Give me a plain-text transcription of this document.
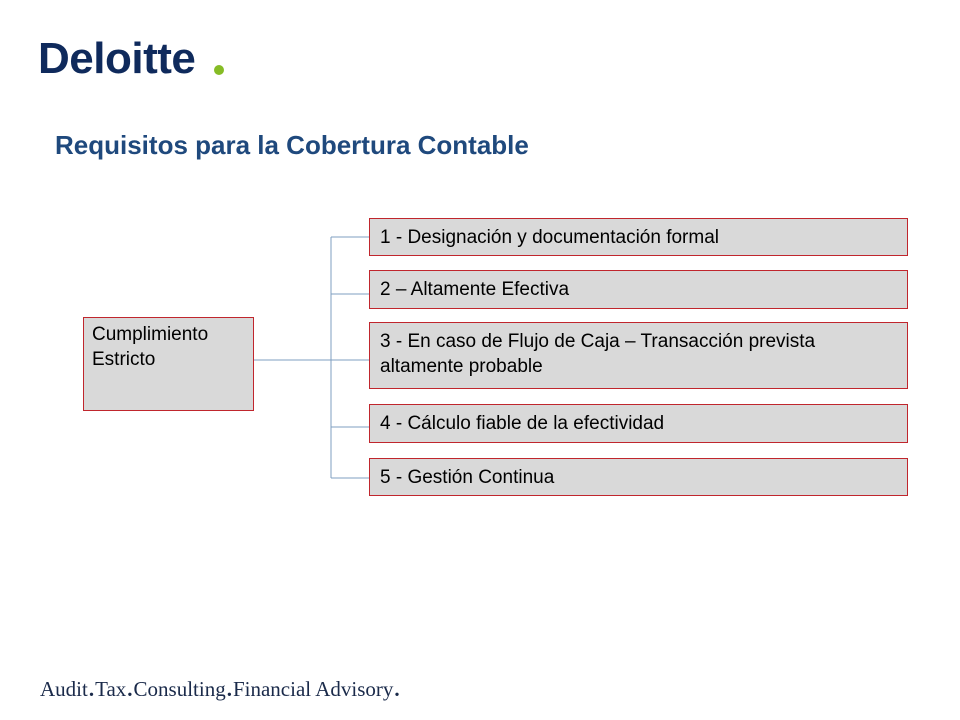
Deloitte
Requisitos para la Cobertura Contable
Cumplimiento
Estricto
1 - Designación y documentación formal
2 – Altamente Efectiva
3 - En caso de Flujo de Caja – Transacción prevista altamente probable
4 - Cálculo fiable de la efectividad
5 - Gestión Continua
Audit.Tax.Consulting.Financial Advisory.
